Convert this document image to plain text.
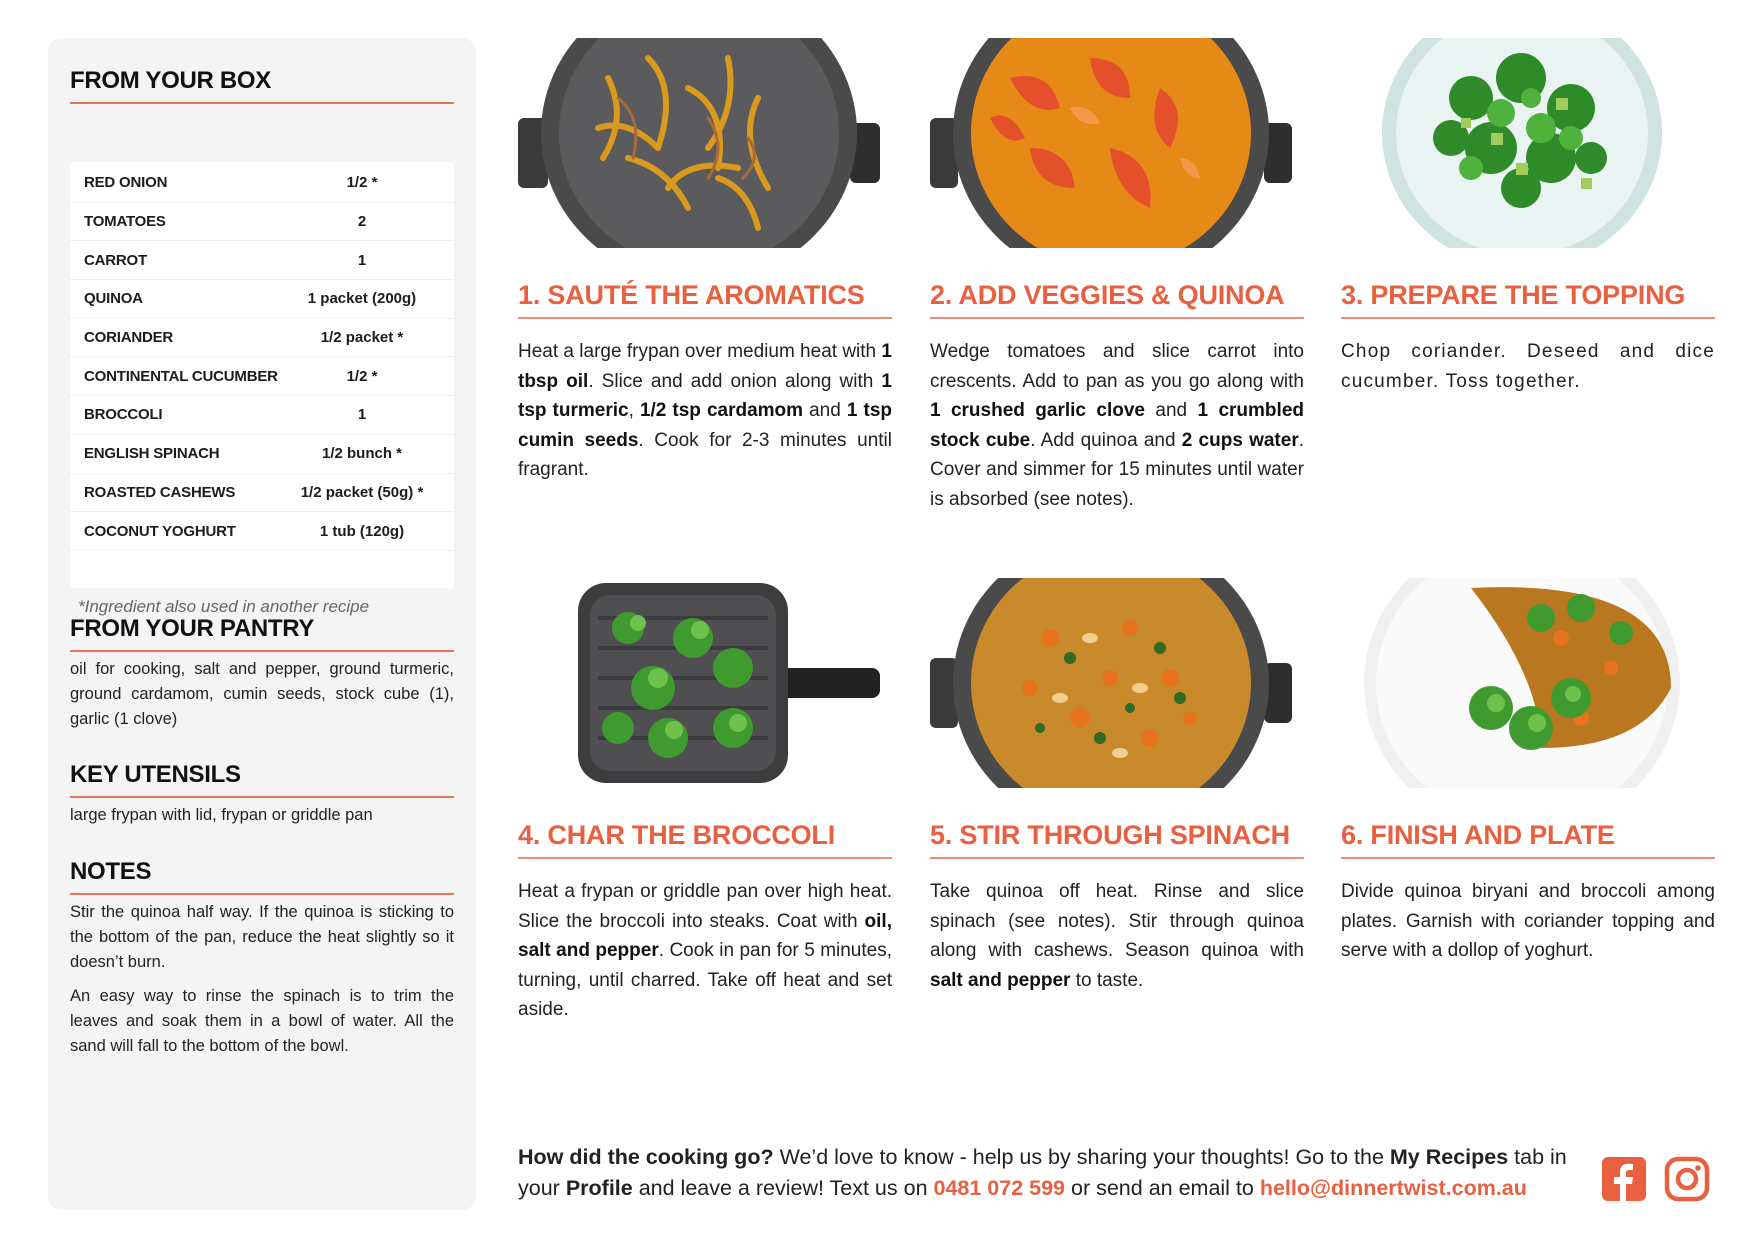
FROM YOUR BOX
RED ONION	1/2 *
TOMATOES	2
CARROT	1
QUINOA	1 packet (200g)
CORIANDER	1/2 packet *
CONTINENTAL CUCUMBER	1/2 *
BROCCOLI	1
ENGLISH SPINACH	1/2 bunch *
ROASTED CASHEWS	1/2 packet (50g) *
COCONUT YOGHURT	1 tub (120g)
*Ingredient also used in another recipe
FROM YOUR PANTRY
oil for cooking, salt and pepper, ground turmeric, ground cardamom, cumin seeds, stock cube (1), garlic (1 clove)
KEY UTENSILS
large frypan with lid, frypan or griddle pan
NOTES
Stir the quinoa half way. If the quinoa is sticking to the bottom of the pan, reduce the heat slightly so it doesn’t burn.
An easy way to rinse the spinach is to trim the leaves and soak them in a bowl of water. All the sand will fall to the bottom of the bowl.
1. SAUTÉ THE AROMATICS
Heat a large frypan over medium heat with 1 tbsp oil. Slice and add onion along with 1 tsp turmeric, 1/2 tsp cardamom and 1 tsp cumin seeds. Cook for 2-3 minutes until fragrant.
2. ADD VEGGIES & QUINOA
Wedge tomatoes and slice carrot into crescents. Add to pan as you go along with 1 crushed garlic clove and 1 crumbled stock cube. Add quinoa and 2 cups water. Cover and simmer for 15 minutes until water is absorbed (see notes).
3. PREPARE THE TOPPING
Chop coriander. Deseed and dice cucumber. Toss together.
4. CHAR THE BROCCOLI
Heat a frypan or griddle pan over high heat. Slice the broccoli into steaks. Coat with oil, salt and pepper. Cook in pan for 5 minutes, turning, until charred. Take off heat and set aside.
5. STIR THROUGH SPINACH
Take quinoa off heat. Rinse and slice spinach (see notes). Stir through quinoa along with cashews. Season quinoa with salt and pepper to taste.
6. FINISH AND PLATE
Divide quinoa biryani and broccoli among plates. Garnish with coriander topping and serve with a dollop of yoghurt.
How did the cooking go? We’d love to know - help us by sharing your thoughts! Go to the My Recipes tab in your Profile and leave a review! Text us on 0481 072 599 or send an email to hello@dinnertwist.com.au
